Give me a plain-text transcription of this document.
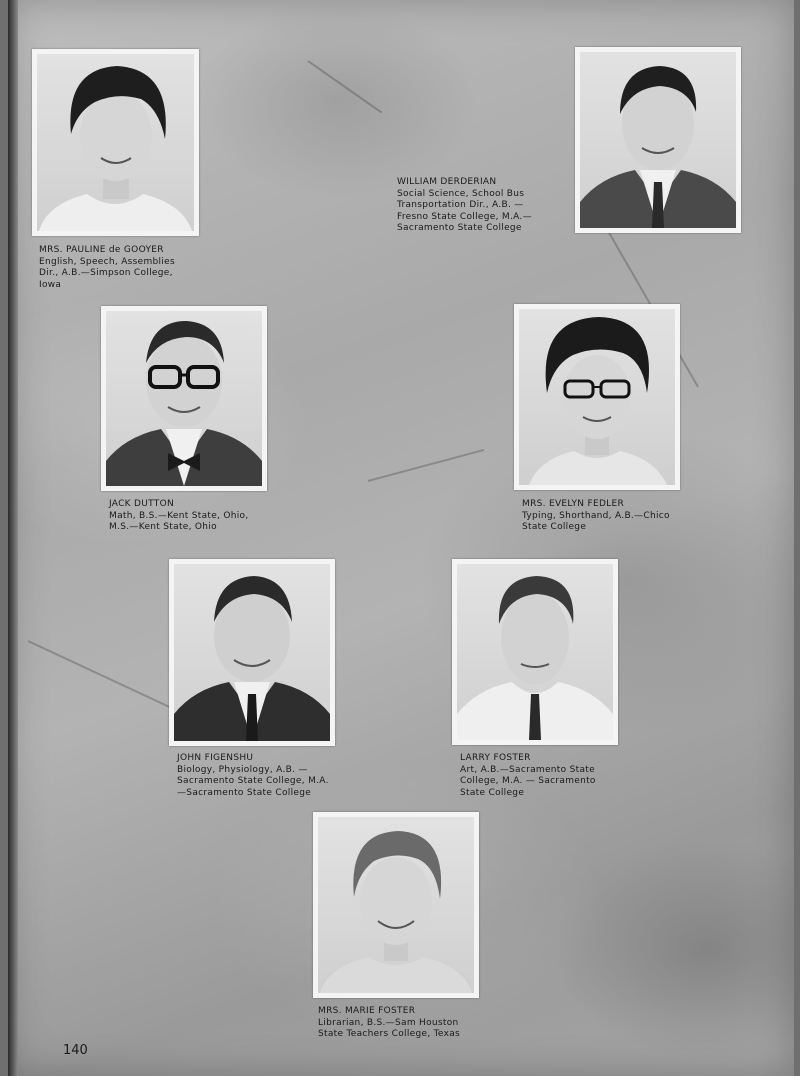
MRS. PAULINE de GOOYER
English, Speech, Assemblies
Dir., A.B.—Simpson College,
Iowa
WILLIAM DERDERIAN
Social Science, School Bus
Transportation Dir., A.B. —
Fresno State College, M.A.—
Sacramento State College
JACK DUTTON
Math, B.S.—Kent State, Ohio,
M.S.—Kent State, Ohio
MRS. EVELYN FEDLER
Typing, Shorthand, A.B.—Chico
State College
JOHN FIGENSHU
Biology, Physiology, A.B. —
Sacramento State College, M.A.
—Sacramento State College
LARRY FOSTER
Art, A.B.—Sacramento State
College, M.A. — Sacramento
State College
MRS. MARIE FOSTER
Librarian, B.S.—Sam Houston
State Teachers College, Texas
140
